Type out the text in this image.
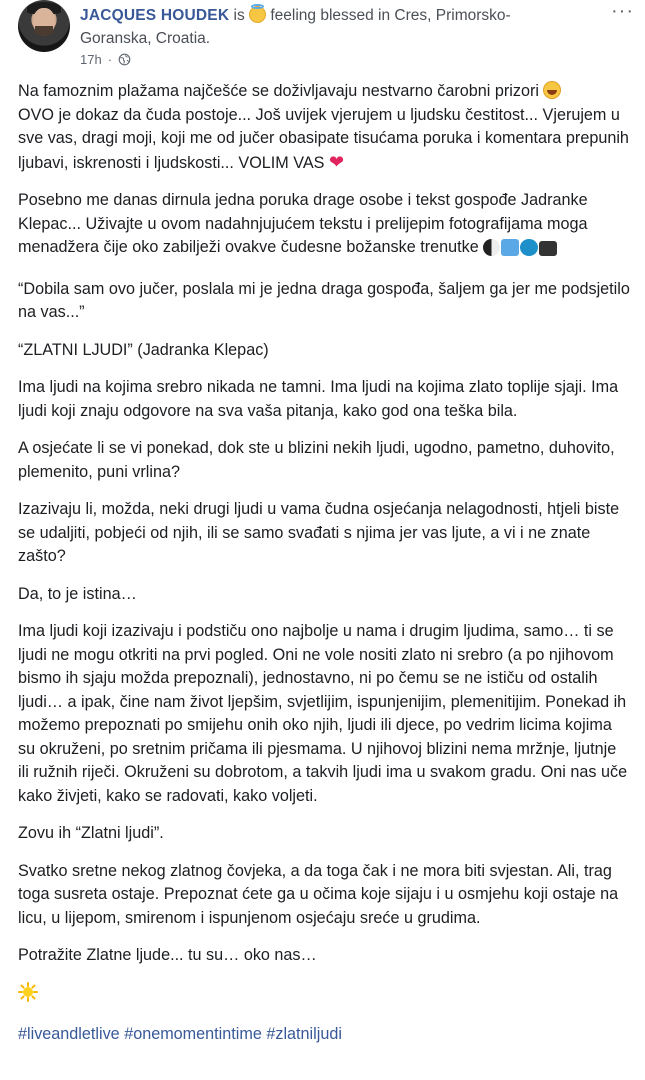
JACQUES HOUDEK is  feeling blessed in Cres, Primorsko-Goranska, Croatia.
17h ·
···

Na famoznim plažama najčešće se doživljavaju nestvarno čarobni prizori

OVO je dokaz da čuda postoje... Još uvijek vjerujem u ljudsku čestitost... Vjerujem u sve vas, dragi moji, koji me od jučer obasipate tisućama poruka i komentara prepunih ljubavi, iskrenosti i ljudskosti... VOLIM VAS ❤

Posebno me danas dirnula jedna poruka drage osobe i tekst gospođe Jadranke Klepac... Uživajte u ovom nadahnjujućem tekstu i prelijepim fotografijama moga menadžera čije oko zabilježi ovakve čudesne božanske trenutke

“Dobila sam ovo jučer, poslala mi je jedna draga gospođa, šaljem ga jer me podsjetilo na vas...”

“ZLATNI LJUDI” (Jadranka Klepac)

Ima ljudi na kojima srebro nikada ne tamni. Ima ljudi na kojima zlato toplije sjaji. Ima ljudi koji znaju odgovore na sva vaša pitanja, kako god ona teška bila.

A osjećate li se vi ponekad, dok ste u blizini nekih ljudi, ugodno, pametno, duhovito, plemenito, puni vrlina?

Izazivaju li, možda, neki drugi ljudi u vama čudna osjećanja nelagodnosti, htjeli biste se udaljiti, pobjeći od njih, ili se samo svađati s njima jer vas ljute, a vi i ne znate zašto?

Da, to je istina…

Ima ljudi koji izazivaju i podstiču ono najbolje u nama i drugim ljudima, samo… ti se ljudi ne mogu otkriti na prvi pogled. Oni ne vole nositi zlato ni srebro (a po njihovom bismo ih sjaju možda prepoznali), jednostavno, ni po čemu se ne ističu od ostalih ljudi… a ipak, čine nam život ljepšim, svjetlijim, ispunjenijim, plemenitijim. Ponekad ih možemo prepoznati po smijehu onih oko njih, ljudi ili djece, po vedrim licima kojima su okruženi, po sretnim pričama ili pjesmama. U njihovoj blizini nema mržnje, ljutnje ili ružnih riječi. Okruženi su dobrotom, a takvih ljudi ima u svakom gradu. Oni nas uče kako živjeti, kako se radovati, kako voljeti.

Zovu ih “Zlatni ljudi”.

Svatko sretne nekog zlatnog čovjeka, a da toga čak i ne mora biti svjestan. Ali, trag toga susreta ostaje. Prepoznat ćete ga u očima koje sijaju i u osmjehu koji ostaje na licu, u lijepom, smirenom i ispunjenom osjećaju sreće u grudima.

Potražite Zlatne ljude... tu su… oko nas…

#liveandletlive #onemomentintime #zlatniljudi
